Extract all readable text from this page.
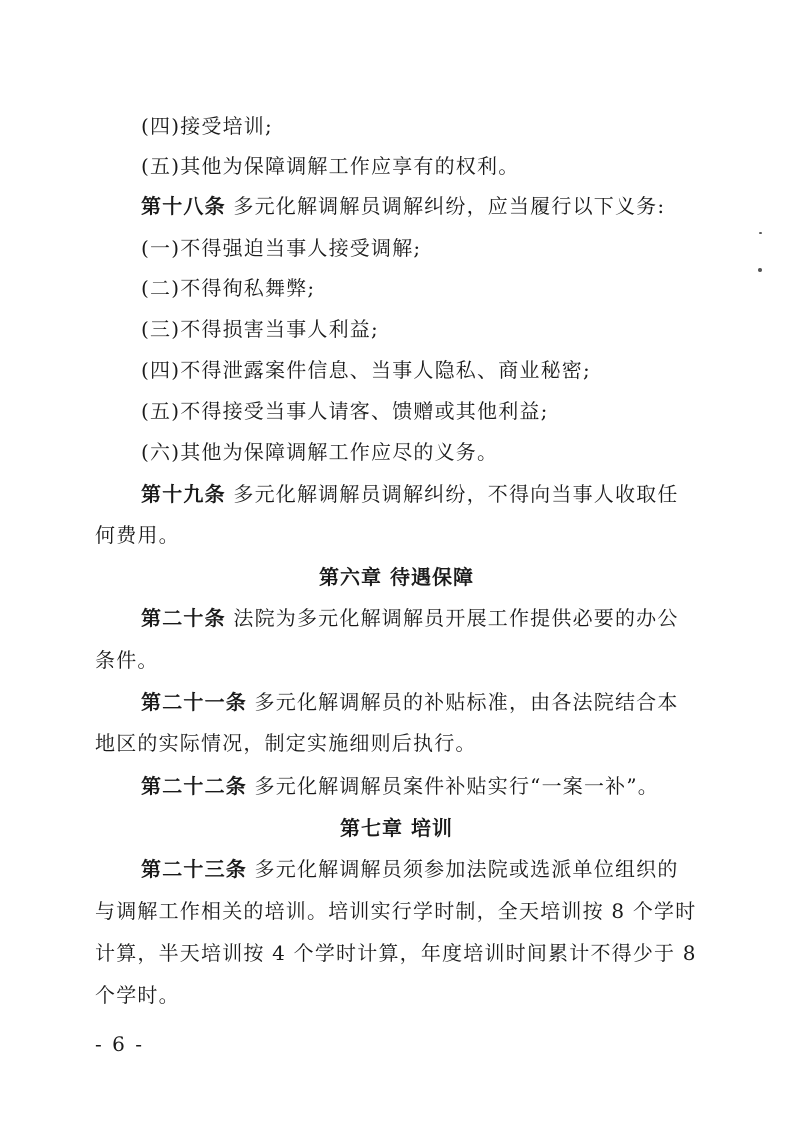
(四)接受培训;
(五)其他为保障调解工作应享有的权利。
第十八条 多元化解调解员调解纠纷，应当履行以下义务:
(一)不得强迫当事人接受调解;
(二)不得徇私舞弊;
(三)不得损害当事人利益;
(四)不得泄露案件信息、当事人隐私、商业秘密;
(五)不得接受当事人请客、馈赠或其他利益;
(六)其他为保障调解工作应尽的义务。
第十九条 多元化解调解员调解纠纷，不得向当事人收取任
何费用。
第六章 待遇保障
第二十条 法院为多元化解调解员开展工作提供必要的办公
条件。
第二十一条 多元化解调解员的补贴标准，由各法院结合本
地区的实际情况，制定实施细则后执行。
第二十二条 多元化解调解员案件补贴实行“一案一补”。
第七章 培训
第二十三条 多元化解调解员须参加法院或选派单位组织的
与调解工作相关的培训。培训实行学时制，全天培训按 8 个学时
计算，半天培训按 4 个学时计算，年度培训时间累计不得少于 8
个学时。
- 6 -
